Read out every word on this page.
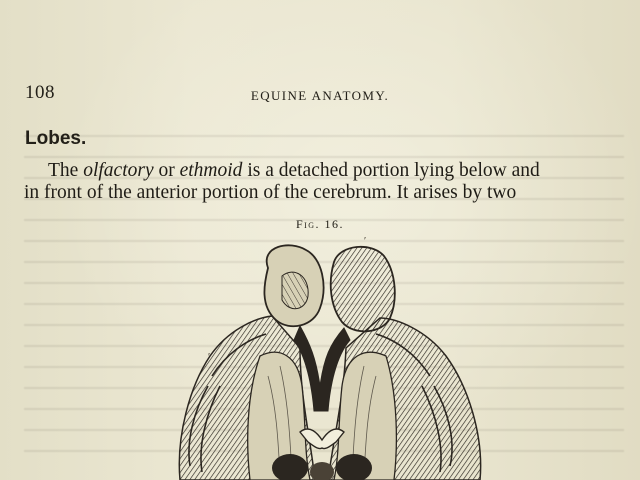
108	EQUINE ANATOMY.
Lobes.
The olfactory or ethmoid is a detached portion lying below and
in front of the anterior portion of the cerebrum. It arises by two
Fig. 16.
′
′
